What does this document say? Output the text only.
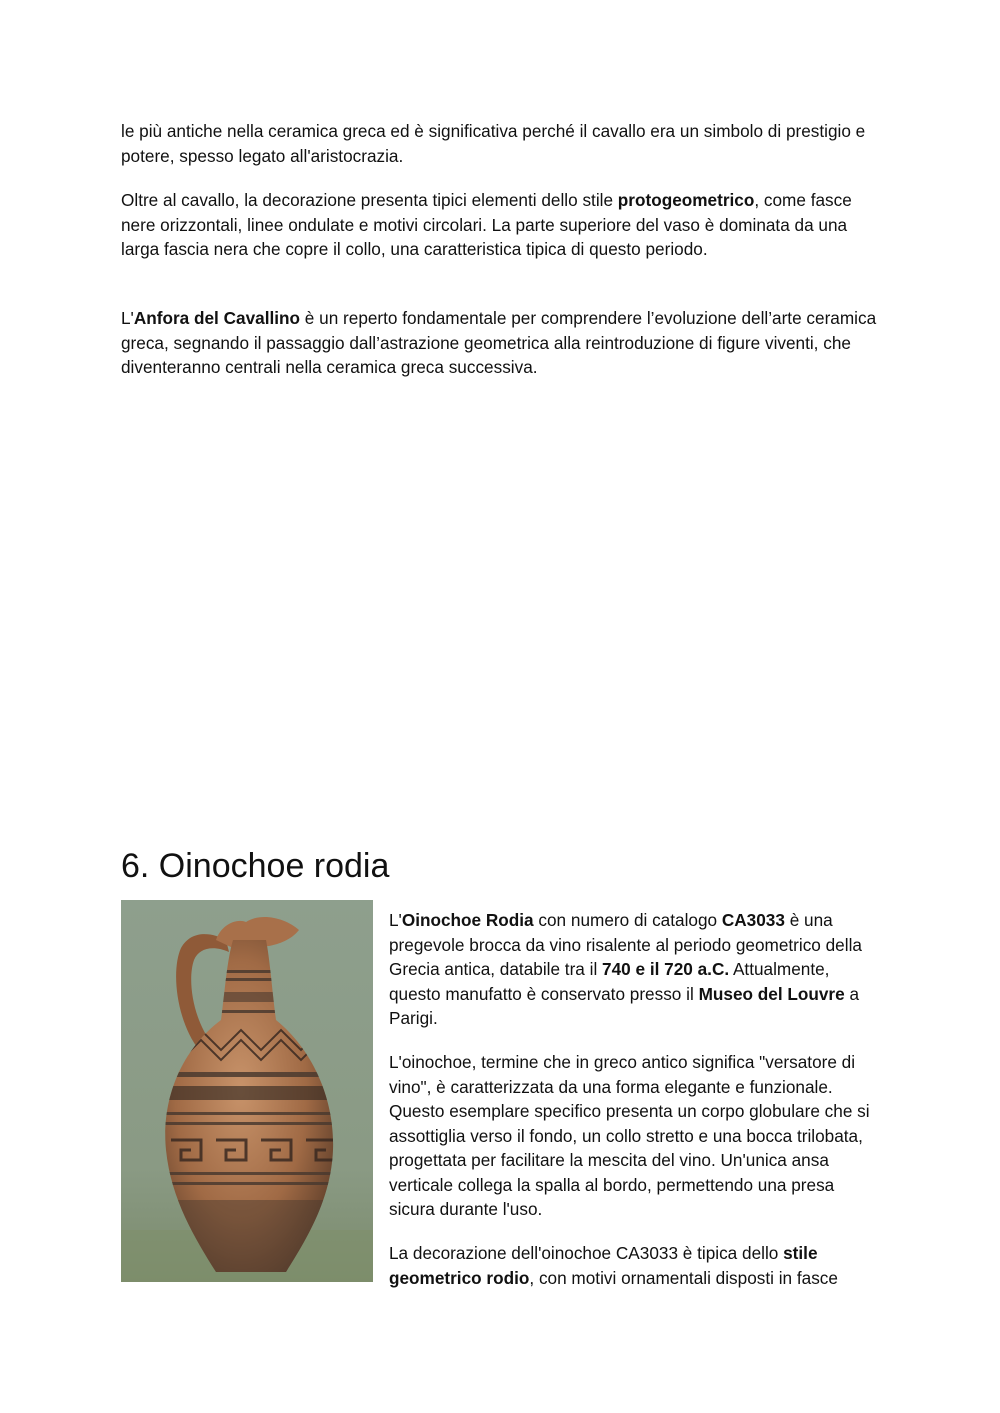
le più antiche nella ceramica greca ed è significativa perché il cavallo era un simbolo di prestigio e potere, spesso legato all'aristocrazia.

Oltre al cavallo, la decorazione presenta tipici elementi dello stile protogeometrico, come fasce nere orizzontali, linee ondulate e motivi circolari. La parte superiore del vaso è dominata da una larga fascia nera che copre il collo, una caratteristica tipica di questo periodo.

L'Anfora del Cavallino è un reperto fondamentale per comprendere l’evoluzione dell’arte ceramica greca, segnando il passaggio dall’astrazione geometrica alla reintroduzione di figure viventi, che diventeranno centrali nella ceramica greca successiva.

6. Oinochoe rodia

L'Oinochoe Rodia con numero di catalogo CA3033 è una pregevole brocca da vino risalente al periodo geometrico della Grecia antica, databile tra il 740 e il 720 a.C. Attualmente, questo manufatto è conservato presso il Museo del Louvre a Parigi.

L'oinochoe, termine che in greco antico significa "versatore di vino", è caratterizzata da una forma elegante e funzionale. Questo esemplare specifico presenta un corpo globulare che si assottiglia verso il fondo, un collo stretto e una bocca trilobata, progettata per facilitare la mescita del vino. Un'unica ansa verticale collega la spalla al bordo, permettendo una presa sicura durante l'uso.

La decorazione dell'oinochoe CA3033 è tipica dello stile geometrico rodio, con motivi ornamentali disposti in fasce
